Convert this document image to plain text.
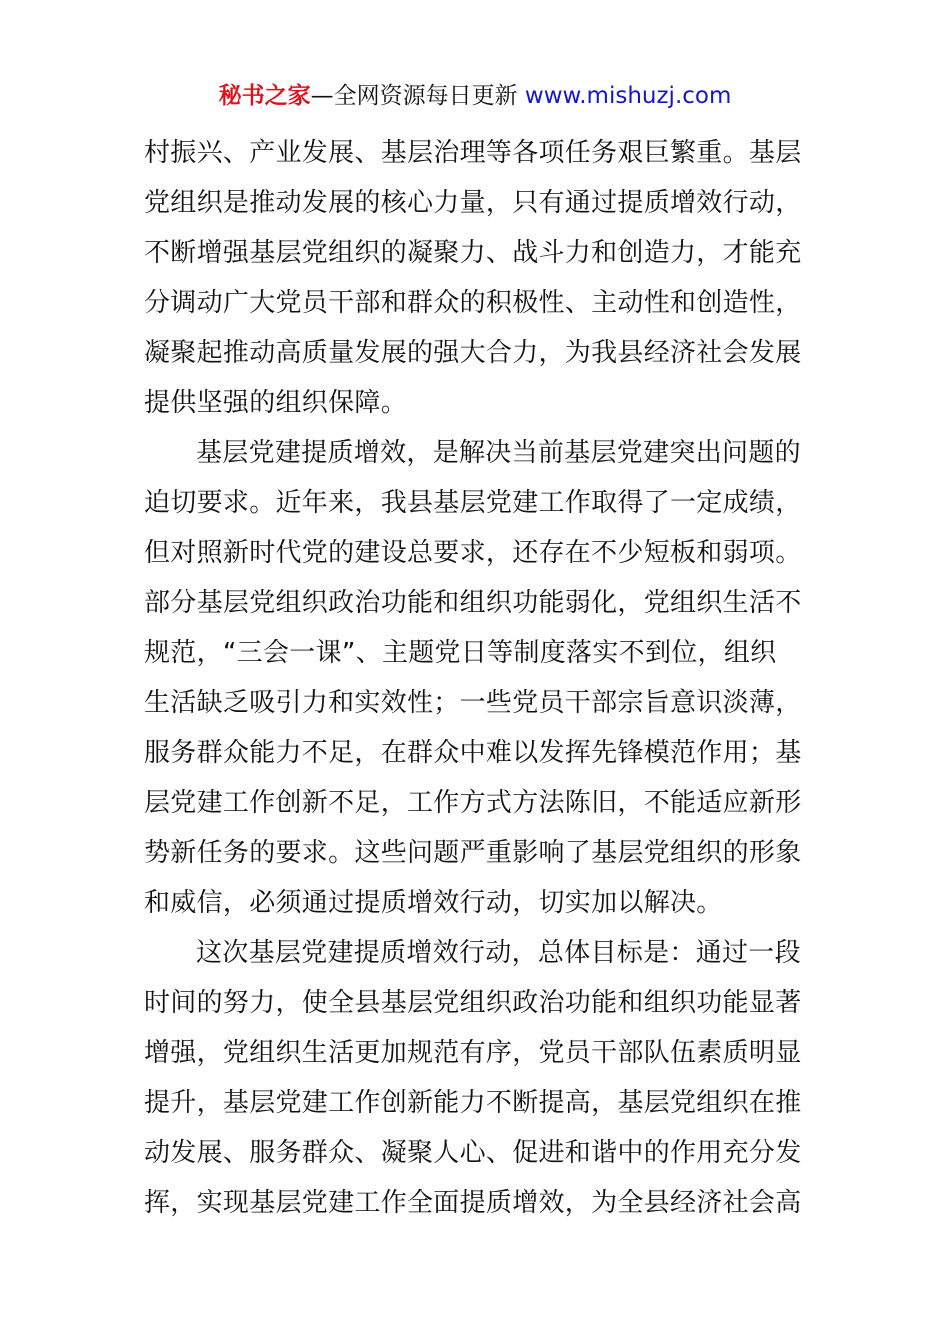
秘书之家—全网资源每日更新 www.mishuzj.com
村振兴、产业发展、基层治理等各项任务艰巨繁重。基层
党组织是推动发展的核心力量，只有通过提质增效行动，
不断增强基层党组织的凝聚力、战斗力和创造力，才能充
分调动广大党员干部和群众的积极性、主动性和创造性，
凝聚起推动高质量发展的强大合力，为我县经济社会发展
提供坚强的组织保障。
基层党建提质增效，是解决当前基层党建突出问题的
迫切要求。近年来，我县基层党建工作取得了一定成绩，
但对照新时代党的建设总要求，还存在不少短板和弱项。
部分基层党组织政治功能和组织功能弱化，党组织生活不
规范，“三会一课”、主题党日等制度落实不到位，组织
生活缺乏吸引力和实效性；一些党员干部宗旨意识淡薄，
服务群众能力不足，在群众中难以发挥先锋模范作用；基
层党建工作创新不足，工作方式方法陈旧，不能适应新形
势新任务的要求。这些问题严重影响了基层党组织的形象
和威信，必须通过提质增效行动，切实加以解决。
这次基层党建提质增效行动，总体目标是：通过一段
时间的努力，使全县基层党组织政治功能和组织功能显著
增强，党组织生活更加规范有序，党员干部队伍素质明显
提升，基层党建工作创新能力不断提高，基层党组织在推
动发展、服务群众、凝聚人心、促进和谐中的作用充分发
挥，实现基层党建工作全面提质增效，为全县经济社会高
